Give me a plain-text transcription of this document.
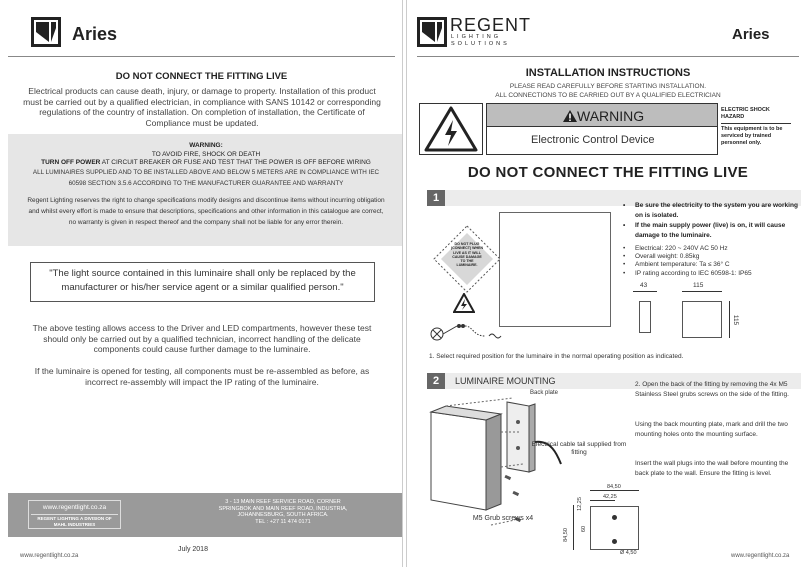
Aries
DO NOT CONNECT THE FITTING LIVE
Electrical products can cause death, injury, or damage to property. Installation of this product must be carried out by a qualified electrician, in compliance with SANS 10142 or corresponding regulations of the country of installation. On completion of installation, the Certificate of Compliance must be updated.
WARNING:
TO AVOID FIRE, SHOCK OR DEATH
TURN OFF POWER AT CIRCUIT BREAKER OR FUSE AND TEST THAT THE POWER IS OFF BEFORE WIRING
ALL LUMINAIRES SUPPLIED AND TO BE INSTALLED ABOVE AND BELOW 5 METERS ARE IN COMPLIANCE WITH IEC 60598 SECTION 3.5.6 ACCORDING TO THE MANUFACTURER GUARANTEE AND WARRANTY
Regent Lighting reserves the right to change specifications modify designs and discontinue items without incurring obligation and whilst every effort is made to ensure that descriptions, specifications and other information in this catalogue are correct, no warranty is given in respect thereof and the company shall not be liable for any error therein.
"The light source contained in this luminaire shall only be replaced by the manufacturer or his/her service agent or a similar qualified person."
The above testing allows access to the Driver and LED compartments, however these test should only be carried out by a qualified technician, incorrect handling of the delicate components could cause further damage to the luminaire.
If the luminaire is opened for testing, all components must be re-assembled as before, as incorrect re-assembly will impact the IP rating of the luminaire.
www.regentlight.co.za
REGENT LIGHTING A DIVISION OF MAHL INDUSTRIES
3 - 13 MAIN REEF SERVICE ROAD, CORNER
SPRINGBOK AND MAIN REEF ROAD, INDUSTRIA,
JOHANNESBURG, SOUTH AFRICA.
TEL : +27 11 474 0171
www.regentlight.co.za
July 2018
REGENT
LIGHTING SOLUTIONS
Aries
INSTALLATION INSTRUCTIONS
PLEASE READ CAREFULLY BEFORE STARTING INSTALLATION.
ALL CONNECTIONS TO BE CARRIED OUT BY A QUALIFIED ELECTRICIAN
WARNING
Electronic Control Device
ELECTRIC SHOCK HAZARD
This equipment is to be serviced by trained personnel only.
DO NOT CONNECT THE FITTING LIVE
1
DO NOT PLUG (CONNECT) WHEN LIVE AS IT WILL CAUSE DAMAGE TO THE LUMINAIRE.
•	Be sure the electricity to the system you are working on is isolated.
•	If the main supply power (live) is on, it will cause damage to the luminaire.
•	Electrical: 220 ~ 240V AC 50 Hz
•	Overall weight: 0.85kg
•	Ambient temperature: Ta ≤ 36° C
•	IP rating according to IEC 60598-1: IP65
43	115
115
1. Select required position for the luminaire in the normal operating position as indicated.
2	LUMINAIRE MOUNTING
Back plate
Electrical cable tail supplied from fitting
M5 Grub screws x4
2. Open the back of the fitting by removing the 4x M5 Stainless Steel grubs screws on the side of the fitting.
Using the back mounting plate, mark and drill the two mounting holes onto the mounting surface.
Insert the wall plugs into the wall before mounting the back plate to the wall. Ensure the fitting is level.
84,50
42,25
12,25
60
84,50
Ø 4,50	www.regentlight.co.za
